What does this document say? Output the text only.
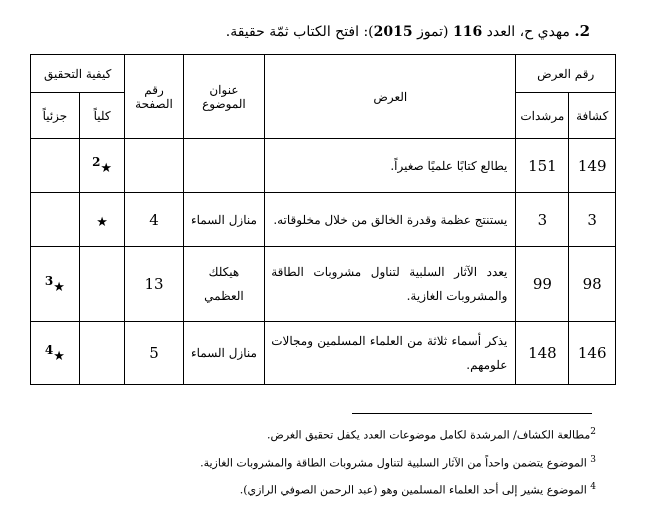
2. مهدي ح، العدد 116 (تموز 2015): افتح الكتاب ثمّة حقيقة.
رقم العرض		العرض	عنوان الموضوع	رقم الصفحة	كيفية التحقيق	
كشافة	مرشدات				كلياً	جزئياً
149	151	يطالع كتابًا علميًا صغيراً.			★2	
3	3	يستنتج عظمة وقدرة الخالق من خلال مخلوقاته.	منازل السماء	4	★	
98	99	يعدد الآثار السلبية لتناول مشروبات الطاقة والمشروبات الغازية.	هيكلك العظمي	13		★3
146	148	يذكر أسماء ثلاثة من العلماء المسلمين ومجالات علومهم.	منازل السماء	5		★4
$^2$مطالعة الكشاف/ المرشدة لكامل موضوعات العدد يكفل تحقيق الغرض.
$^3$ الموضوع يتضمن واحداً من الآثار السلبية لتناول مشروبات الطاقة والمشروبات الغازية.
$^4$ الموضوع يشير إلى أحد العلماء المسلمين وهو (عبد الرحمن الصوفي الرازي).
